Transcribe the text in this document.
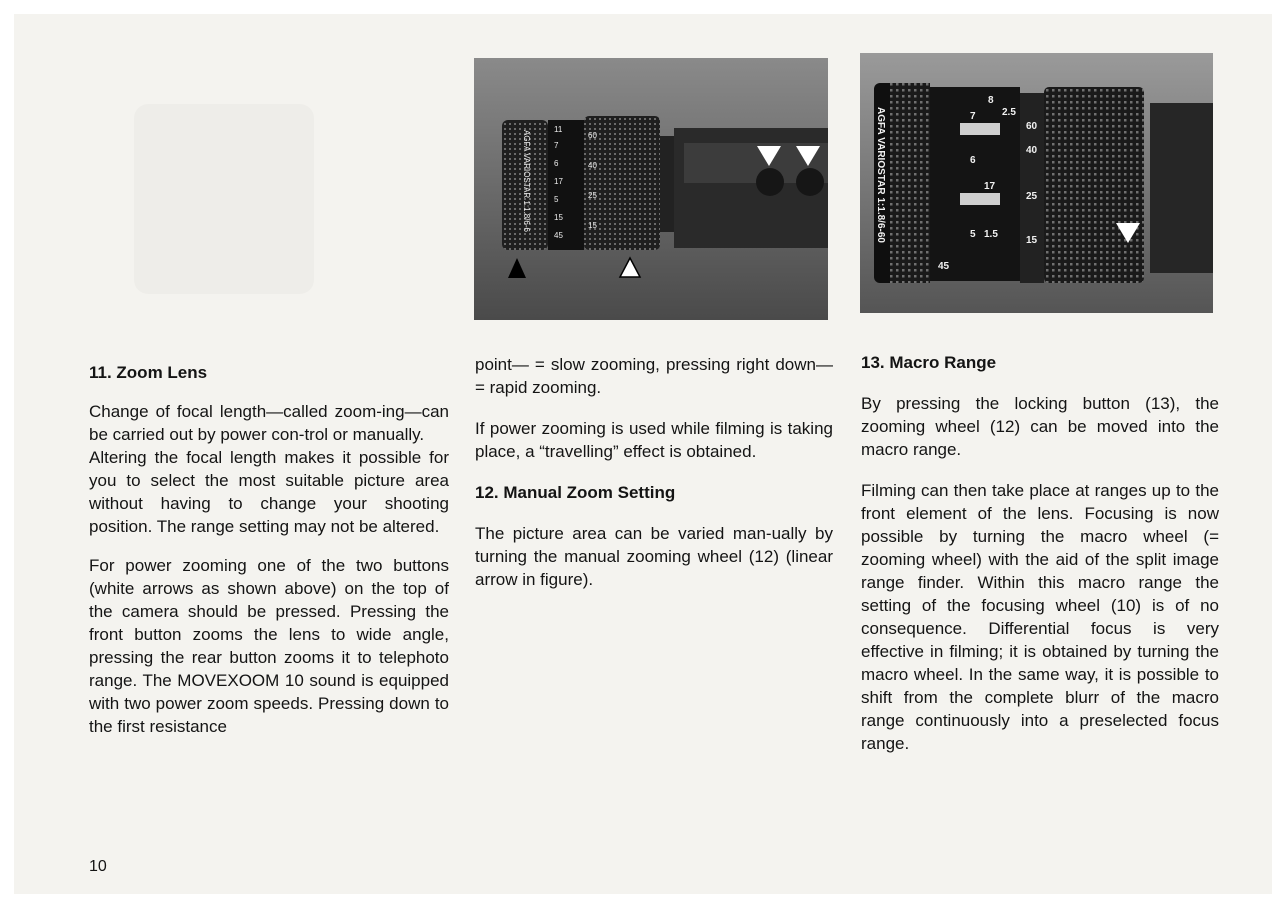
AGFA VARIOSTAR 1:1.8/6-6
45
15
5
17
6
7
11
15
25
40
60	AGFA VARIOSTAR 1:1.8/6-60
45
5 1.5
17
6
7
8
2.5
15
25
40
60
11. Zoom Lens

Change of focal length—called zoom-ing—can be carried out by power con-trol or manually.

Altering the focal length makes it possible for you to select the most suitable picture area without having to change your shooting position. The range setting may not be altered.

For power zooming one of the two buttons (white arrows as shown above) on the top of the camera should be pressed. Pressing the front button zooms the lens to wide angle, pressing the rear button zooms it to telephoto range. The MOVEXOOM 10 sound is equipped with two power zoom speeds. Pressing down to the first resistance

point— = slow zooming, pressing right down— = rapid zooming.

If power zooming is used while filming is taking place, a “travelling” effect is obtained.

12. Manual Zoom Setting

The picture area can be varied man-ually by turning the manual zooming wheel (12) (linear arrow in figure).

13. Macro Range

By pressing the locking button (13), the zooming wheel (12) can be moved into the macro range.

Filming can then take place at ranges up to the front element of the lens. Focusing is now possible by turning the macro wheel (= zooming wheel) with the aid of the split image range finder. Within this macro range the setting of the focusing wheel (10) is of no consequence. Differential focus is very effective in filming; it is obtained by turning the macro wheel. In the same way, it is possible to shift from the complete blurr of the macro range continuously into a preselected focus range.

10
